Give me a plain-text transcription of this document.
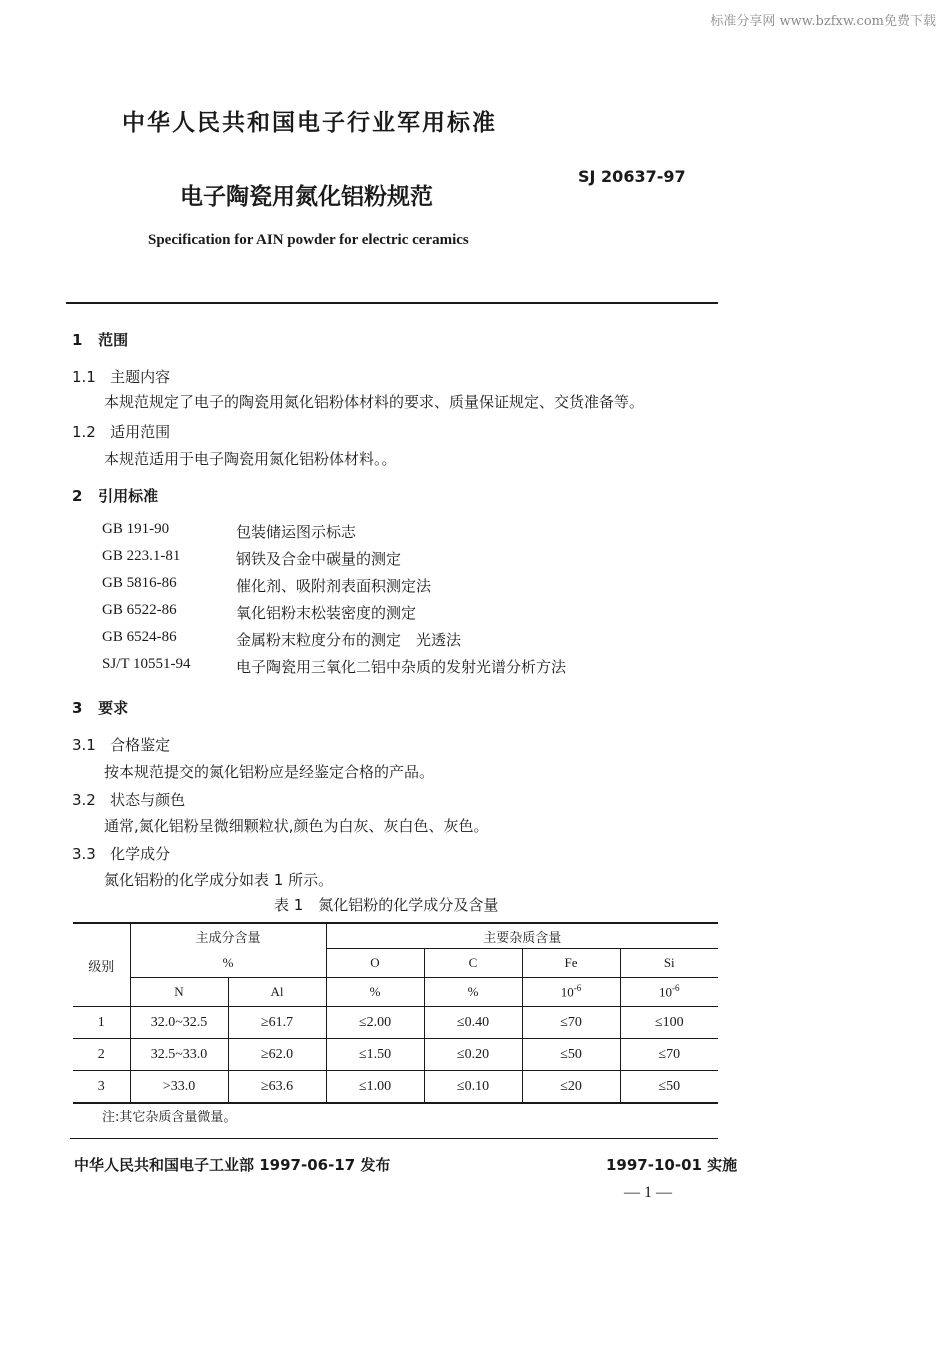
标准分享网 www.bzfxw.com免费下载
中华人民共和国电子行业军用标准
SJ 20637-97
电子陶瓷用氮化铝粉规范
Specification for AIN powder for electric ceramics
1 范围
1.1 主题内容
本规范规定了电子的陶瓷用氮化铝粉体材料的要求、质量保证规定、交货准备等。
1.2 适用范围
本规范适用于电子陶瓷用氮化铝粉体材料。。
2 引用标准
GB 191-90	包装储运图示标志
GB 223.1-81	钢铁及合金中碳量的测定
GB 5816-86	催化剂、吸附剂表面积测定法
GB 6522-86	氧化铝粉末松装密度的测定
GB 6524-86	金属粉末粒度分布的测定　光透法
SJ/T 10551-94	电子陶瓷用三氧化二铝中杂质的发射光谱分析方法
3 要求
3.1 合格鉴定
按本规范提交的氮化铝粉应是经鉴定合格的产品。
3.2 状态与颜色
通常,氮化铝粉呈微细颗粒状,颜色为白灰、灰白色、灰色。
3.3 化学成分
氮化铝粉的化学成分如表 1 所示。
表 1　氮化铝粉的化学成分及含量
级别	主成分含量		主要杂质含量			
	%		O	C	Fe	Si
	N	Al	%	%	$10^{-6}$	$10^{-6}$
1	32.0~32.5	≥61.7	≤2.00	≤0.40	≤70	≤100
2	32.5~33.0	≥62.0	≤1.50	≤0.20	≤50	≤70
3	>33.0	≥63.6	≤1.00	≤0.10	≤20	≤50
注:其它杂质含量微量。
中华人民共和国电子工业部 1997-06-17 发布	1997-10-01 实施
— 1 —
